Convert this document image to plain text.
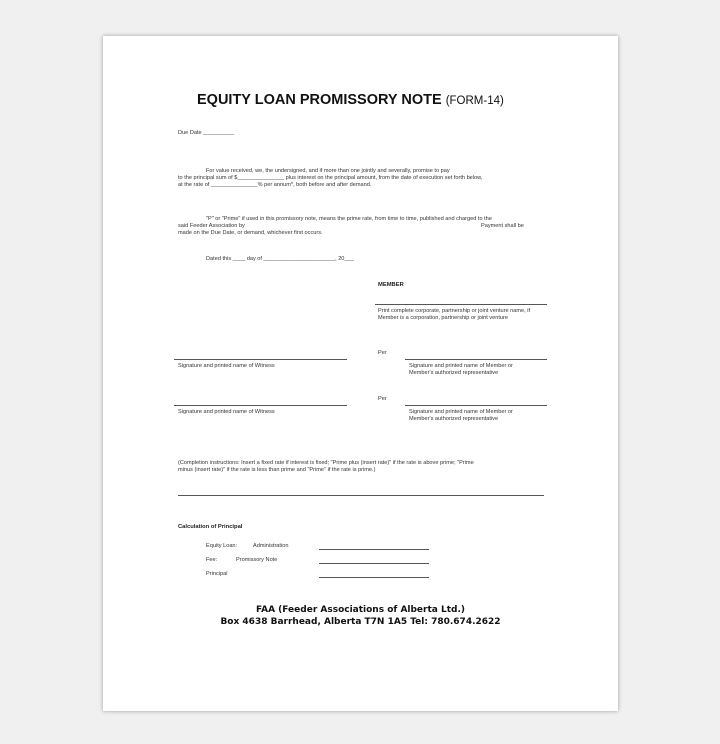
EQUITY LOAN PROMISSORY NOTE (FORM-14)
Due Date __________
For value received, we, the undersigned, and if more than one jointly and severally, promise to pay
to the principal sum of $_______________ plus interest on the principal amount, from the date of execution set forth below,
at the rate of _______________% per annum*, both before and after demand.
"P" or "Prime" if used in this promissory note, means the prime rate, from time to time, published and charged to the
said Feeder Association by	Payment shall be
made on the Due Date, or demand, whichever first occurs.
Dated this ____ day of _______________________, 20___
MEMBER
Print complete corporate, partnership or joint venture name, if Member is a corporation, partnership or joint venture
Signature and printed name of Witness
Per
Signature and printed name of Member or Member's authorized representative
Signature and printed name of Witness
Per
Signature and printed name of Member or Member's authorized representative
(Completion instructions: Insert a fixed rate if interest is fixed; "Prime plus (insert rate)" if the rate is above prime; "Prime
minus (insert rate)" if the rate is less than prime and "Prime" if the rate is prime.)
Calculation of Principal
Equity Loan:	Administration
Fee:	Promissory Note
Principal
FAA (Feeder Associations of Alberta Ltd.)
Box 4638 Barrhead, Alberta T7N 1A5 Tel: 780.674.2622
